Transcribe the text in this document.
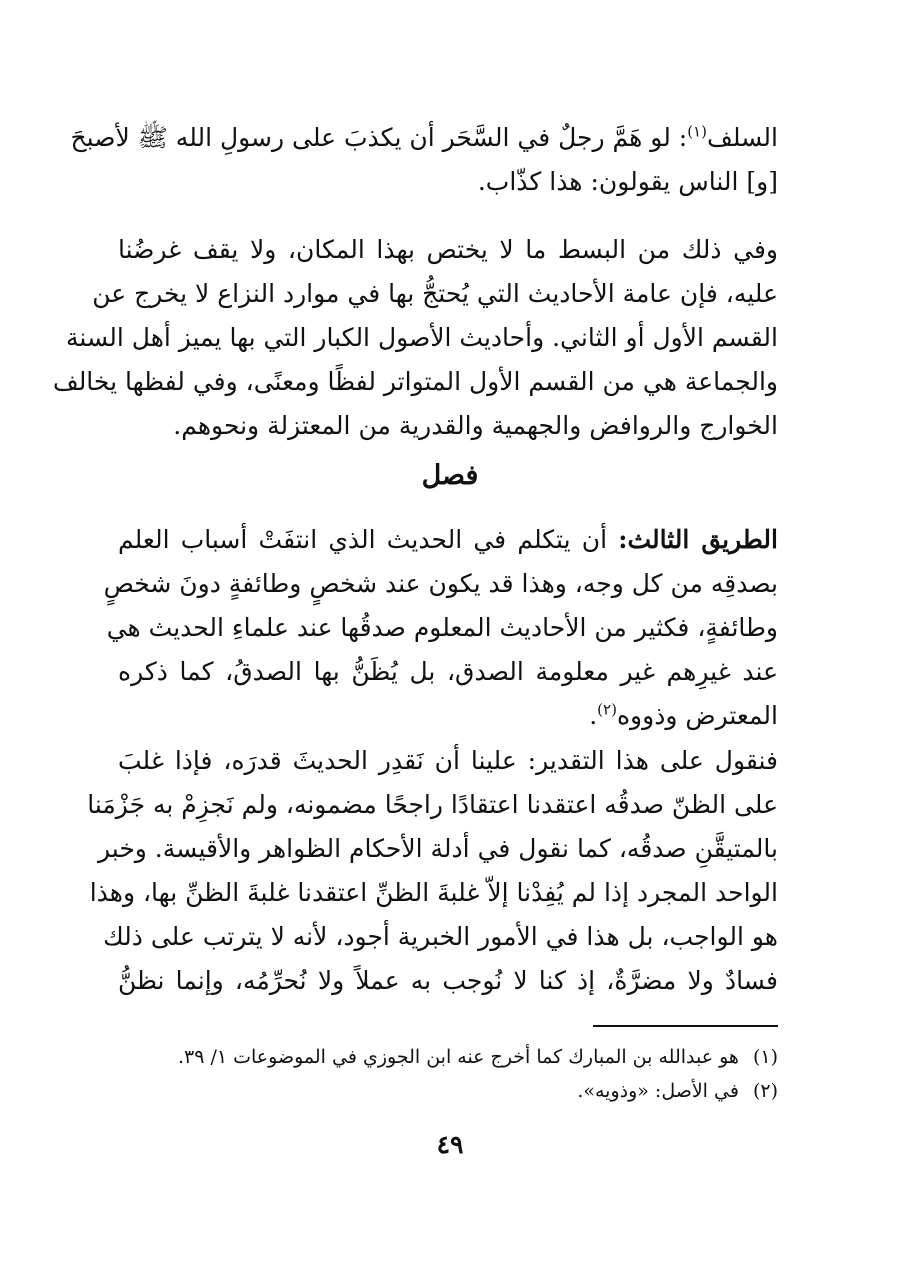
السلف$^{(١)}$: لو هَمَّ رجلٌ في السَّحَر أن يكذبَ على رسولِ الله ﷺ لأصبحَ
[و] الناس يقولون: هذا كذّاب.
وفي ذلك من البسط ما لا يختص بهذا المكان، ولا يقف غرضُنا
عليه، فإن عامة الأحاديث التي يُحتجُّ بها في موارد النزاع لا يخرج عن
القسم الأول أو الثاني. وأحاديث الأصول الكبار التي بها يميز أهل السنة
والجماعة هي من القسم الأول المتواتر لفظًا ومعنًى، وفي لفظها يخالف
الخوارج والروافض والجهمية والقدرية من المعتزلة ونحوهم.
فصل
الطريق الثالث: أن يتكلم في الحديث الذي انتفَتْ أسباب العلم
بصدقِه من كل وجه، وهذا قد يكون عند شخصٍ وطائفةٍ دونَ شخصٍ
وطائفةٍ، فكثير من الأحاديث المعلوم صدقُها عند علماءِ الحديث هي
عند غيرِهم غير معلومة الصدق، بل يُظَنُّ بها الصدقُ، كما ذكره
المعترض وذووه$^{(٢)}$.
فنقول على هذا التقدير: علينا أن نَقدِر الحديثَ قدرَه، فإذا غلبَ
على الظنّ صدقُه اعتقدنا اعتقادًا راجحًا مضمونه، ولم نَجزِمْ به جَزْمَنا
بالمتيقَّنِ صدقُه، كما نقول في أدلة الأحكام الظواهر والأقيسة. وخبر
الواحد المجرد إذا لم يُفِدْنا إلاّ غلبةَ الظنِّ اعتقدنا غلبةَ الظنِّ بها، وهذا
هو الواجب، بل هذا في الأمور الخبرية أجود، لأنه لا يترتب على ذلك
فسادٌ ولا مضرَّةٌ، إذ كنا لا نُوجب به عملاً ولا نُحرِّمُه، وإنما نظنُّ
(١)هو عبدالله بن المبارك كما أخرج عنه ابن الجوزي في الموضوعات ١/ ٣٩.
(٢)في الأصل: «وذويه».
٤٩
